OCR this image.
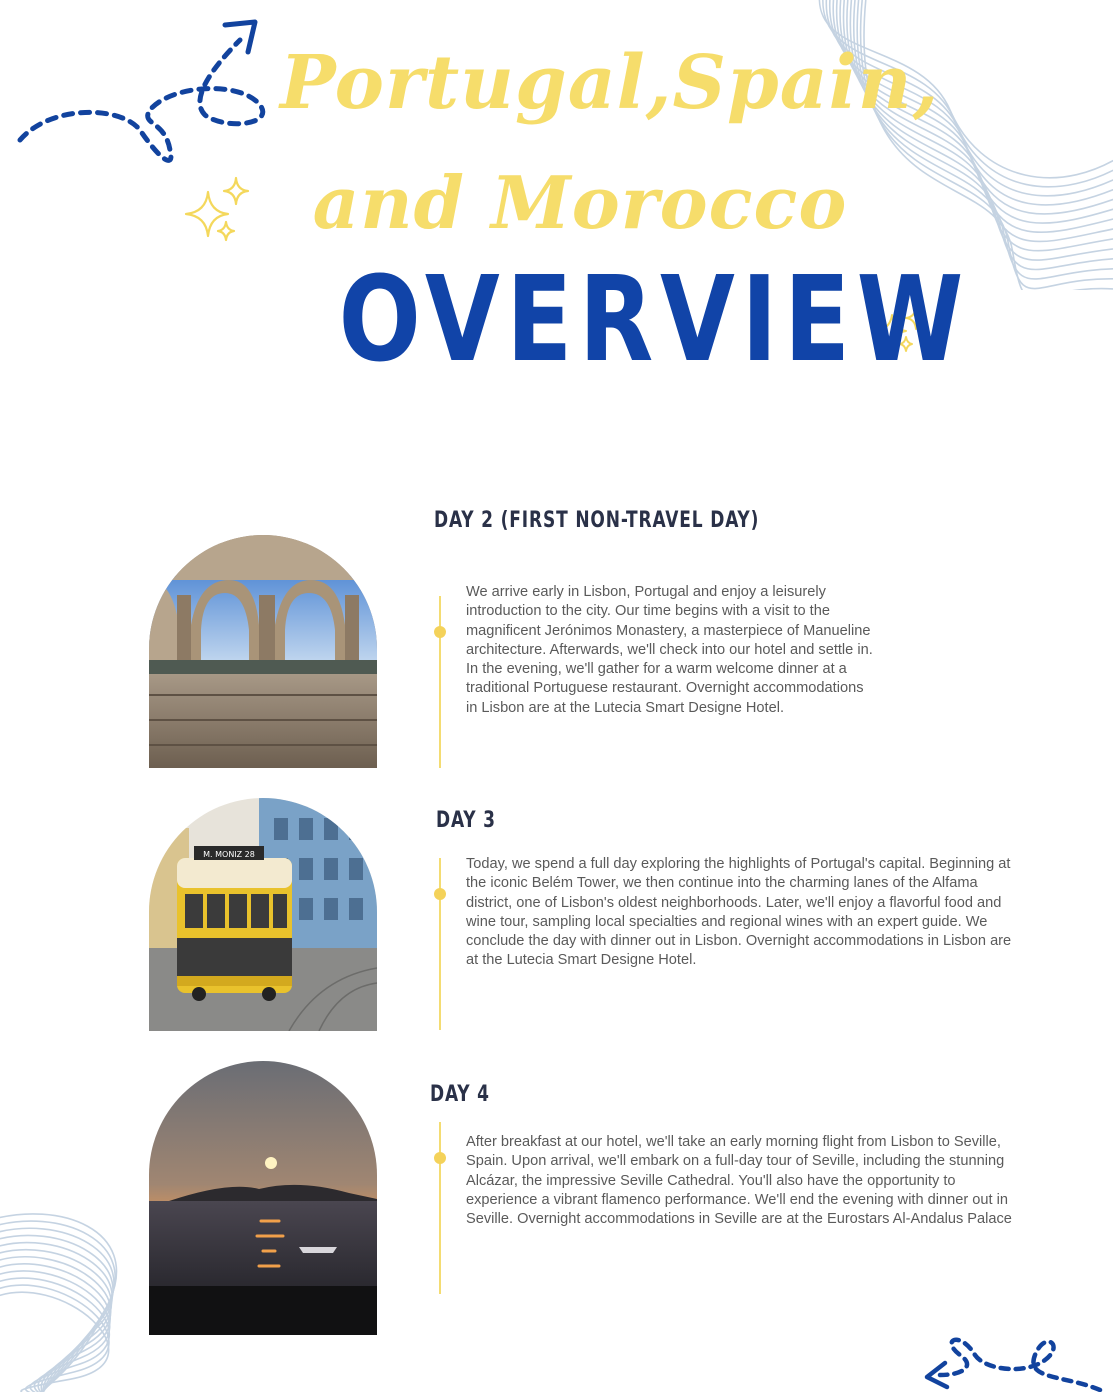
Portugal,Spain,
and Morocco
OVERVIEW
DAY 2 (FIRST NON-TRAVEL DAY)
We arrive early in Lisbon, Portugal and enjoy a leisurely introduction to the city. Our time begins with a visit to the magnificent Jerónimos Monastery, a masterpiece of Manueline architecture. Afterwards, we'll check into our hotel and settle in. In the evening, we'll gather for a warm welcome dinner at a traditional Portuguese restaurant. Overnight accommodations in Lisbon are at the Lutecia Smart Designe Hotel.
DAY 3
M. MONIZ 28
Today, we spend a full day exploring the highlights of Portugal's capital. Beginning at the iconic Belém Tower, we then continue into the charming lanes of the Alfama district, one of Lisbon's oldest neighborhoods. Later, we'll enjoy a flavorful food and wine tour, sampling local specialties and regional wines with an expert guide. We conclude the day with dinner out in Lisbon. Overnight accommodations in Lisbon are at the Lutecia Smart Designe Hotel.
DAY 4
After breakfast at our hotel, we'll take an early morning flight from Lisbon to Seville, Spain. Upon arrival, we'll embark on a full-day tour of Seville, including the stunning Alcázar, the impressive Seville Cathedral. You'll also have the opportunity to experience a vibrant flamenco performance. We'll end the evening with dinner out in Seville. Overnight accommodations in Seville are at the Eurostars Al-Andalus Palace
